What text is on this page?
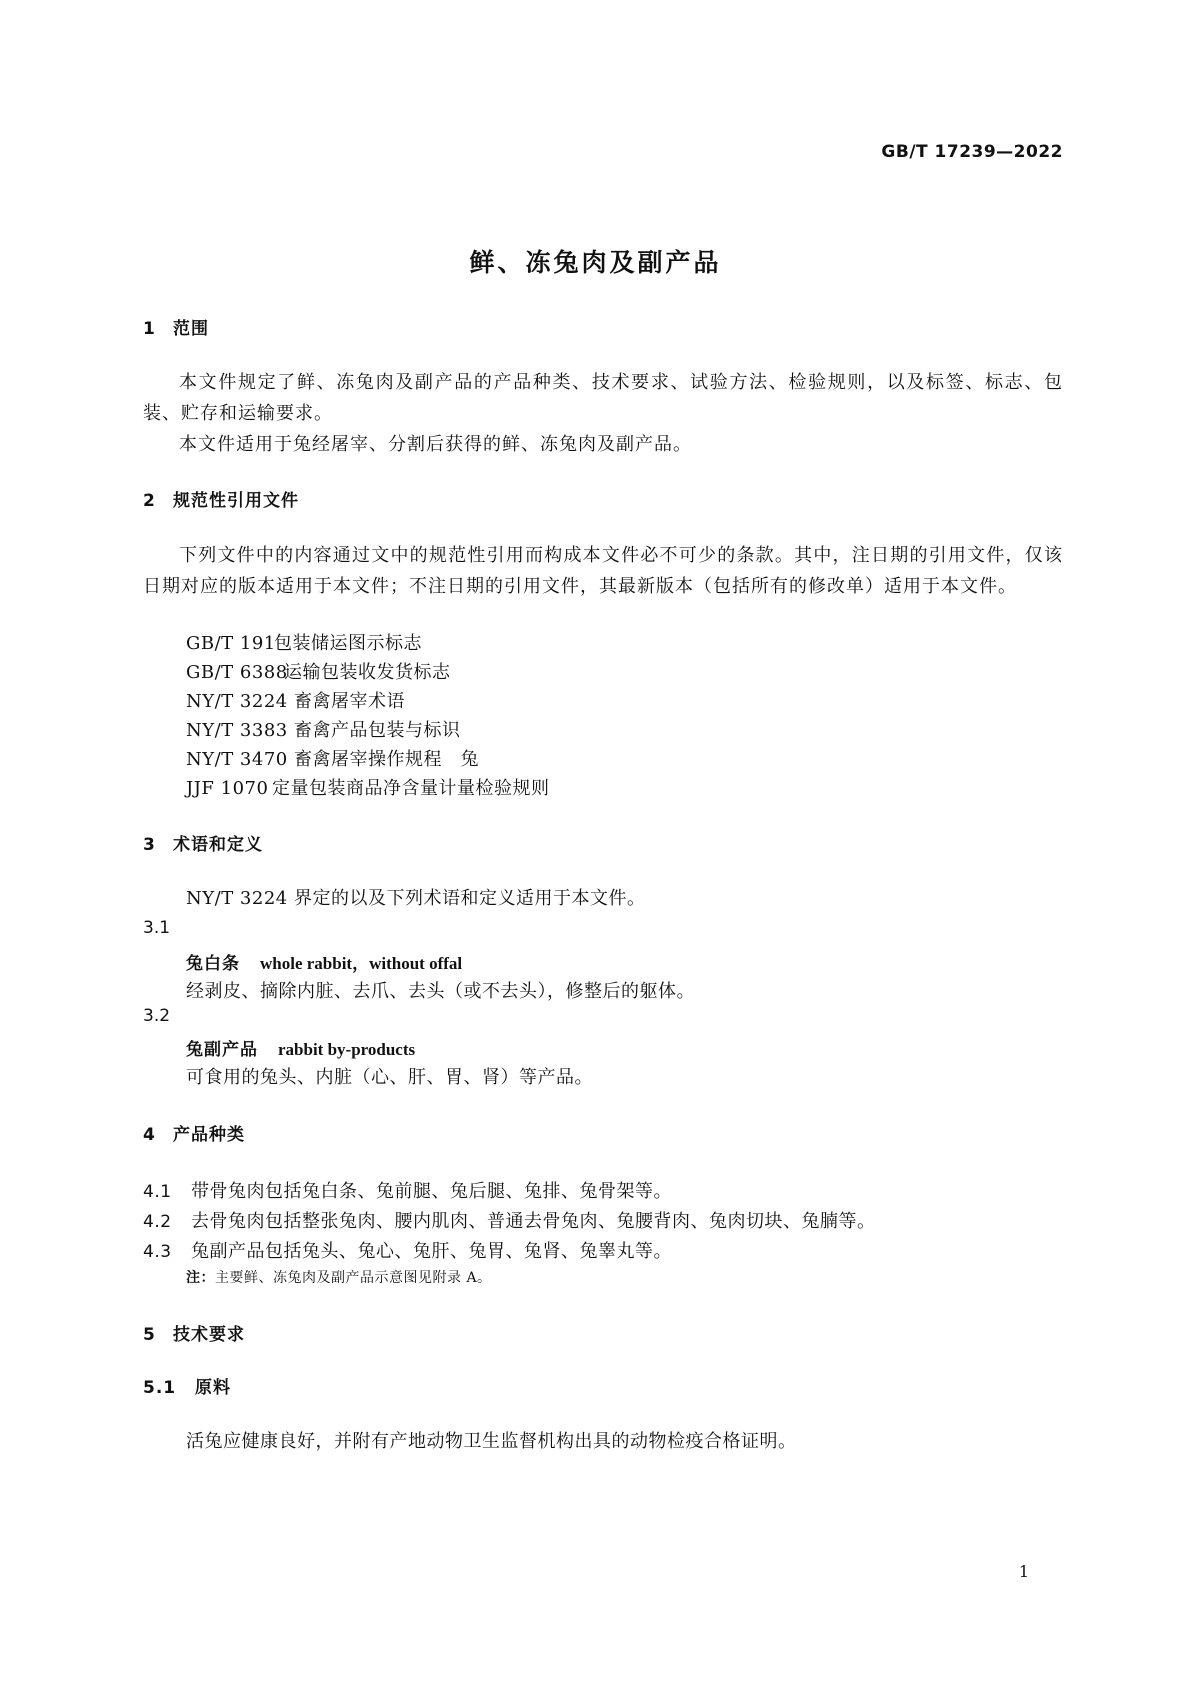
GB/T 17239—2022
鲜、冻兔肉及副产品
1 范围

本文件规定了鲜、冻兔肉及副产品的产品种类、技术要求、试验方法、检验规则，以及标签、标志、包装、贮存和运输要求。

本文件适用于兔经屠宰、分割后获得的鲜、冻兔肉及副产品。

2 规范性引用文件

下列文件中的内容通过文中的规范性引用而构成本文件必不可少的条款。其中，注日期的引用文件，仅该日期对应的版本适用于本文件；不注日期的引用文件，其最新版本（包括所有的修改单）适用于本文件。

GB/T 191包装储运图示标志
GB/T 6388运输包装收发货标志
NY/T 3224 畜禽屠宰术语
NY/T 3383 畜禽产品包装与标识
NY/T 3470 畜禽屠宰操作规程　兔
JJF 1070 定量包装商品净含量计量检验规则
3 术语和定义
NY/T 3224 界定的以及下列术语和定义适用于本文件。
3.1
兔白条 whole rabbit，without offal
经剥皮、摘除内脏、去爪、去头（或不去头），修整后的躯体。
3.2
兔副产品 rabbit by-products
可食用的兔头、内脏（心、肝、胃、肾）等产品。
4 产品种类
4.1 带骨兔肉包括兔白条、兔前腿、兔后腿、兔排、兔骨架等。
4.2 去骨兔肉包括整张兔肉、腰内肌肉、普通去骨兔肉、兔腰背肉、兔肉切块、兔腩等。
4.3 兔副产品包括兔头、兔心、兔肝、兔胃、兔肾、兔睾丸等。
注：主要鲜、冻兔肉及副产品示意图见附录 A。
5 技术要求
5.1 原料
活兔应健康良好，并附有产地动物卫生监督机构出具的动物检疫合格证明。
1
